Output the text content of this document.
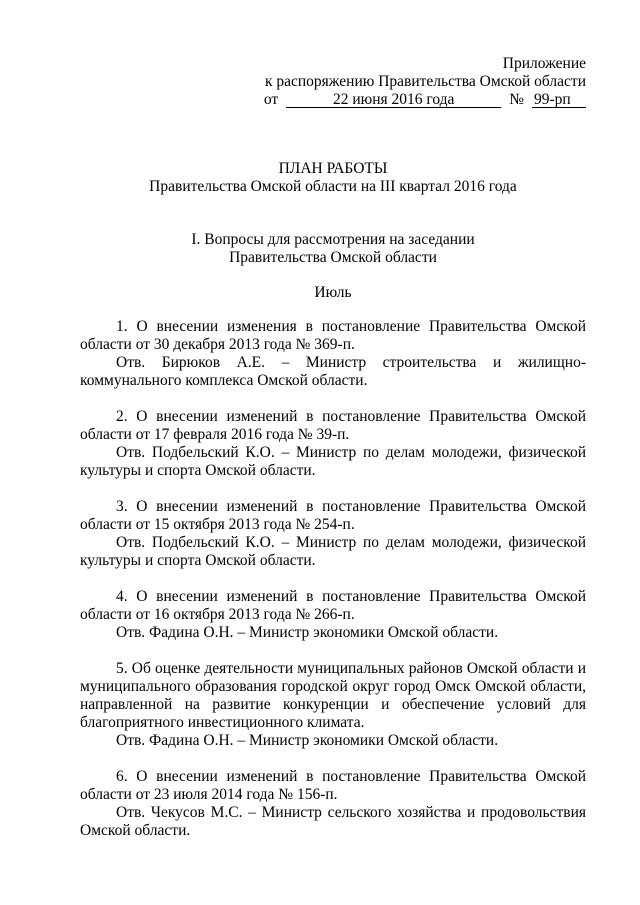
Приложение
к распоряжению Правительства Омской области
от	22 июня 2016 года	№ 99-рп
ПЛАН РАБОТЫ
Правительства Омской области на III квартал 2016 года
I. Вопросы для рассмотрения на заседании
Правительства Омской области
Июль

1. О внесении изменения в постановление Правительства Омской области от 30 декабря 2013 года № 369-п.

Отв. Бирюков А.Е. – Министр строительства и жилищно-коммунального комплекса Омской области.

2. О внесении изменений в постановление Правительства Омской области от 17 февраля 2016 года № 39-п.

Отв. Подбельский К.О. – Министр по делам молодежи, физической культуры и спорта Омской области.

3. О внесении изменений в постановление Правительства Омской области от 15 октября 2013 года № 254-п.

Отв. Подбельский К.О. – Министр по делам молодежи, физической культуры и спорта Омской области.

4. О внесении изменений в постановление Правительства Омской области от 16 октября 2013 года № 266-п.

Отв. Фадина О.Н. – Министр экономики Омской области.

5. Об оценке деятельности муниципальных районов Омской области и муниципального образования городской округ город Омск Омской области, направленной на развитие конкуренции и обеспечение условий для благоприятного инвестиционного климата.

Отв. Фадина О.Н. – Министр экономики Омской области.

6. О внесении изменений в постановление Правительства Омской области от 23 июля 2014 года № 156-п.

Отв. Чекусов М.С. – Министр сельского хозяйства и продовольствия Омской области.
